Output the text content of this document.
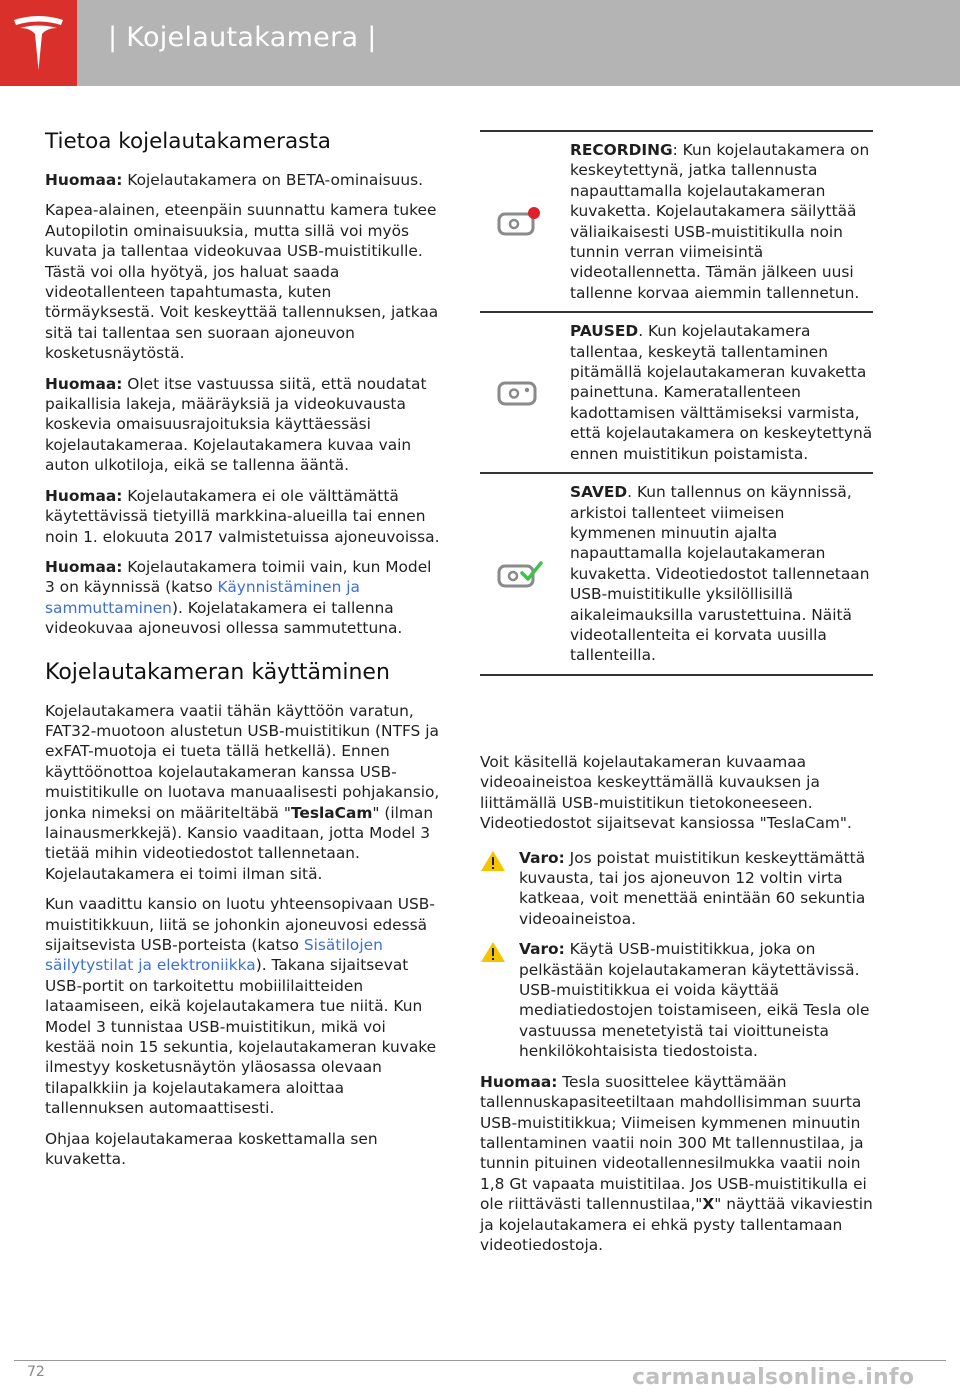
| Kojelautakamera |
Tietoa kojelautakamerasta

Huomaa: Kojelautakamera on BETA-ominaisuus.

Kapea-alainen, eteenpäin suunnattu kamera tukee Autopilotin ominaisuuksia, mutta sillä voi myös kuvata ja tallentaa videokuvaa USB-muistitikulle. Tästä voi olla hyötyä, jos haluat saada videotallenteen tapahtumasta, kuten törmäyksestä. Voit keskeyttää tallennuksen, jatkaa sitä tai tallentaa sen suoraan ajoneuvon kosketusnäytöstä.

Huomaa: Olet itse vastuussa siitä, että noudatat paikallisia lakeja, määräyksiä ja videokuvausta koskevia omaisuusrajoituksia käyttäessäsi kojelautakameraa. Kojelautakamera kuvaa vain auton ulkotiloja, eikä se tallenna ääntä.

Huomaa: Kojelautakamera ei ole välttämättä käytettävissä tietyillä markkina-alueilla tai ennen noin 1. elokuuta 2017 valmistetuissa ajoneuvoissa.

Huomaa: Kojelautakamera toimii vain, kun Model 3 on käynnissä (katso Käynnistäminen ja sammuttaminen). Kojelatakamera ei tallenna videokuvaa ajoneuvosi ollessa sammutettuna.

Kojelautakameran käyttäminen

Kojelautakamera vaatii tähän käyttöön varatun, FAT32-muotoon alustetun USB-muistitikun (NTFS ja exFAT-muotoja ei tueta tällä hetkellä). Ennen käyttöönottoa kojelautakameran kanssa USB-muistitikulle on luotava manuaalisesti pohjakansio, jonka nimeksi on määriteltäbä "TeslaCam" (ilman lainausmerkkejä). Kansio vaaditaan, jotta Model 3 tietää mihin videotiedostot tallennetaan. Kojelautakamera ei toimi ilman sitä.

Kun vaadittu kansio on luotu yhteensopivaan USB-muistitikkuun, liitä se johonkin ajoneuvosi edessä sijaitsevista USB-porteista (katso Sisätilojen säilytystilat ja elektroniikka). Takana sijaitsevat USB-portit on tarkoitettu mobiililaitteiden lataamiseen, eikä kojelautakamera tue niitä. Kun Model 3 tunnistaa USB-muistitikun, mikä voi kestää noin 15 sekuntia, kojelautakameran kuvake ilmestyy kosketusnäytön yläosassa olevaan tilapalkkiin ja kojelautakamera aloittaa tallennuksen automaattisesti.

Ohjaa kojelautakameraa koskettamalla sen kuvaketta.

RECORDING: Kun kojelautakamera on keskeytettynä, jatka tallennusta napauttamalla kojelautakameran kuvaketta. Kojelautakamera säilyttää väliaikaisesti USB-muistitikulla noin tunnin verran viimeisintä videotallennetta. Tämän jälkeen uusi tallenne korvaa aiemmin tallennetun.
PAUSED. Kun kojelautakamera tallentaa, keskeytä tallentaminen pitämällä kojelautakameran kuvaketta painettuna. Kameratallenteen kadottamisen välttämiseksi varmista, että kojelautakamera on keskeytettynä ennen muistitikun poistamista.
SAVED. Kun tallennus on käynnissä, arkistoi tallenteet viimeisen kymmenen minuutin ajalta napauttamalla kojelautakameran kuvaketta. Videotiedostot tallennetaan USB-muistitikulle yksilöllisillä aikaleimauksilla varustettuina. Näitä videotallenteita ei korvata uusilla tallenteilla.

Voit käsitellä kojelautakameran kuvaamaa videoaineistoa keskeyttämällä kuvauksen ja liittämällä USB-muistitikun tietokoneeseen. Videotiedostot sijaitsevat kansiossa "TeslaCam".

Varo: Jos poistat muistitikun keskeyttämättä kuvausta, tai jos ajoneuvon 12 voltin virta katkeaa, voit menettää enintään 60 sekuntia videoaineistoa.
Varo: Käytä USB-muistitikkua, joka on pelkästään kojelautakameran käytettävissä. USB-muistitikkua ei voida käyttää mediatiedostojen toistamiseen, eikä Tesla ole vastuussa menetetyistä tai vioittuneista henkilökohtaisista tiedostoista.

Huomaa: Tesla suosittelee käyttämään tallennuskapasiteetiltaan mahdollisimman suurta USB-muistitikkua; Viimeisen kymmenen minuutin tallentaminen vaatii noin 300 Mt tallennustilaa, ja tunnin pituinen videotallennesilmukka vaatii noin 1,8 Gt vapaata muistitilaa. Jos USB-muistitikulla ei ole riittävästi tallennustilaa,"X" näyttää vikaviestin ja kojelautakamera ei ehkä pysty tallentamaan videotiedostoja.

72	carmanualsonline.info
